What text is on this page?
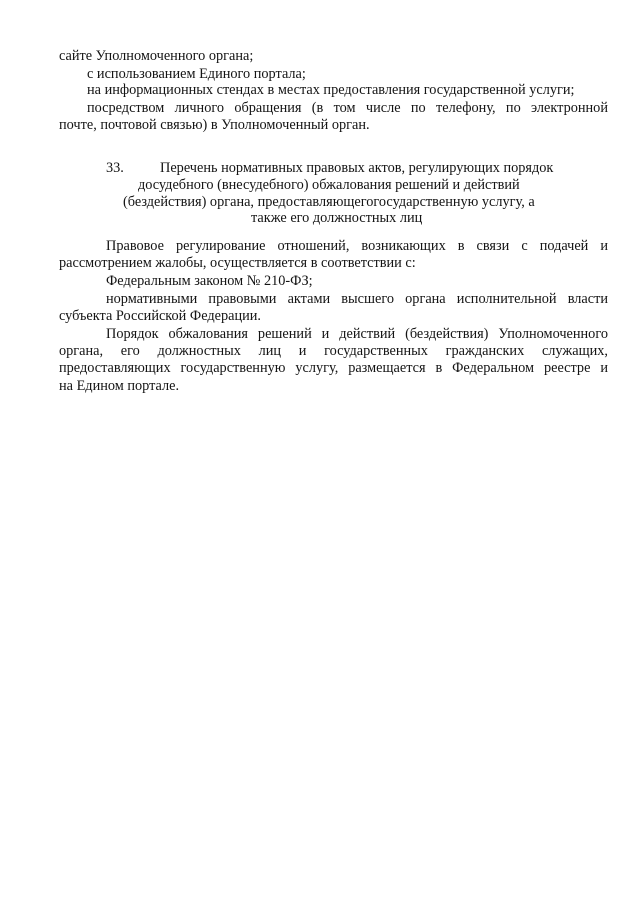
сайте Уполномоченного органа;
с использованием Единого портала;
на информационных стендах в местах предоставления государственной услуги;
посредством личного обращения (в том числе по телефону, по электронной
почте, почтовой связью) в Уполномоченный орган.
33.	Перечень нормативных правовых актов, регулирующих порядок
досудебного (внесудебного) обжалования решений и действий
(бездействия) органа, предоставляющегогосударственную услугу, а
также его должностных лиц
Правовое регулирование отношений, возникающих в связи с подачей и
рассмотрением жалобы, осуществляется в соответствии с:
Федеральным законом № 210-ФЗ;
нормативными правовыми актами высшего органа исполнительной власти
субъекта Российской Федерации.
Порядок обжалования решений и действий (бездействия) Уполномоченного
органа, его должностных лиц и государственных гражданских служащих,
предоставляющих государственную услугу, размещается в Федеральном реестре и
на Едином портале.
